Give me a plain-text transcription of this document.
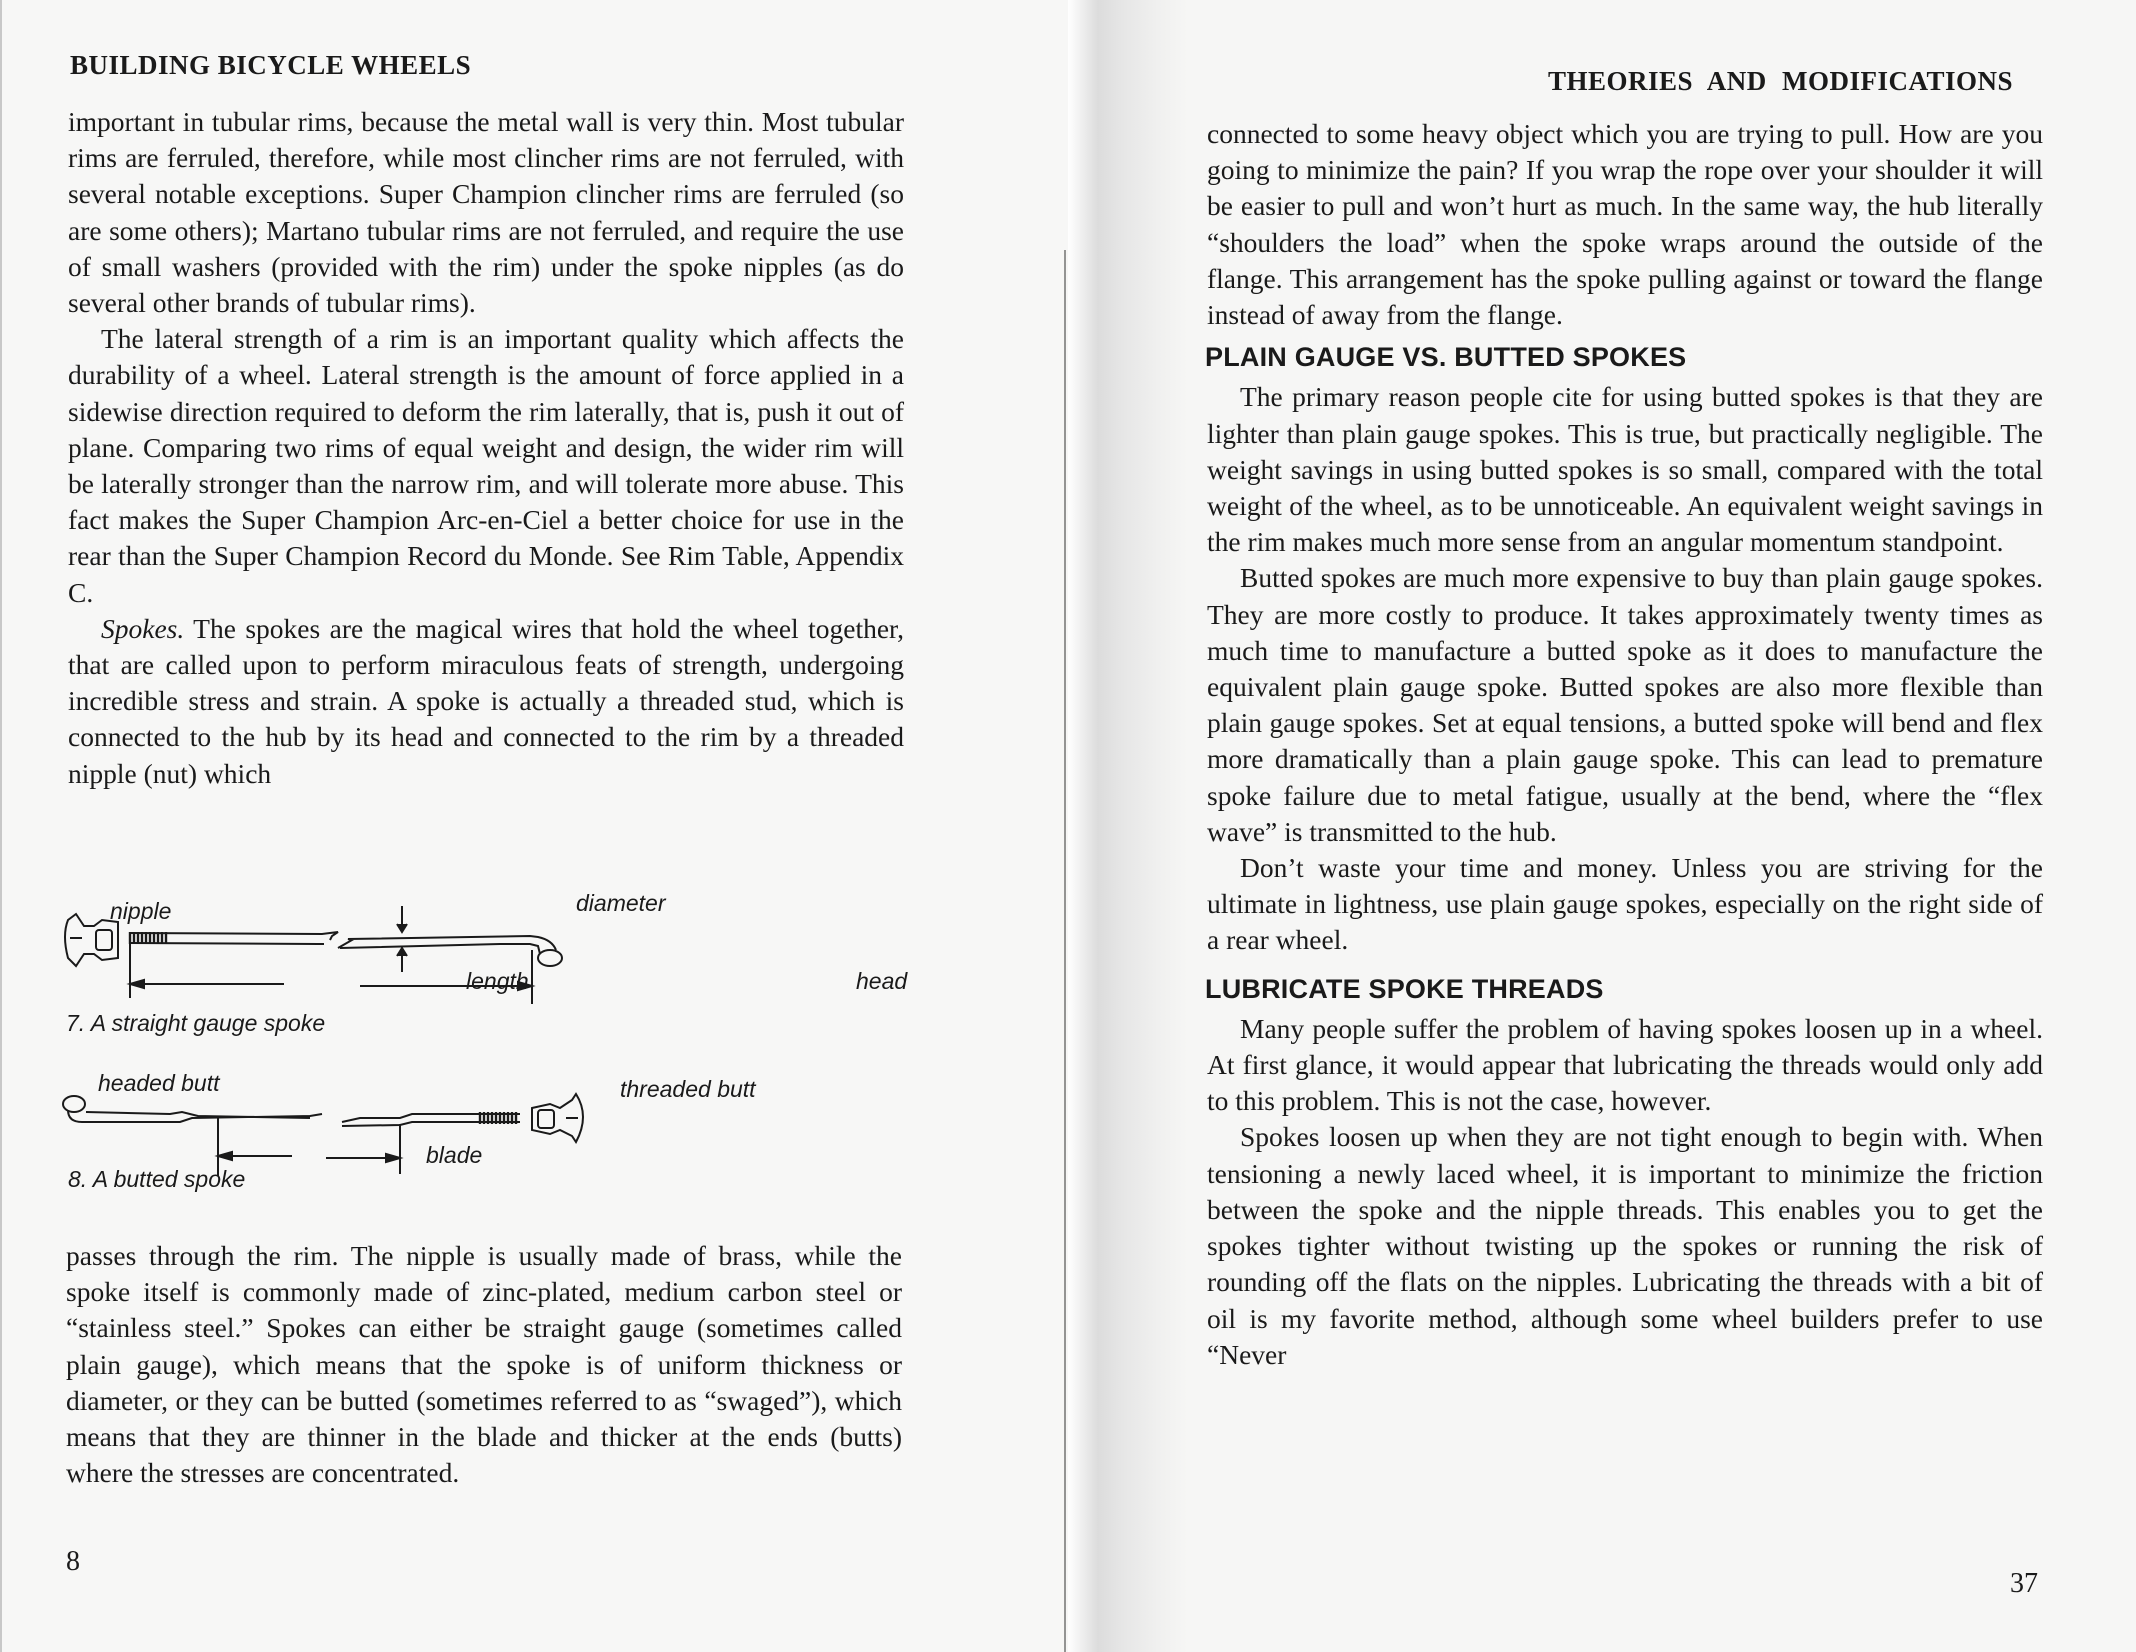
BUILDING BICYCLE WHEELS

important in tubular rims, because the metal wall is very thin. Most tubular rims are ferruled, therefore, while most clincher rims are not ferruled, with several notable exceptions. Super Champion clincher rims are ferruled (so are some others); Martano tubular rims are not ferruled, and require the use of small washers (provided with the rim) under the spoke nipples (as do several other brands of tubular rims).

The lateral strength of a rim is an important quality which affects the durability of a wheel. Lateral strength is the amount of force applied in a sidewise direction required to deform the rim laterally, that is, push it out of plane. Comparing two rims of equal weight and design, the wider rim will be laterally stronger than the narrow rim, and will tolerate more abuse. This fact makes the Super Champion Arc-en-Ciel a better choice for use in the rear than the Super Champion Record du Monde. See Rim Table, Appendix C.

Spokes. The spokes are the magical wires that hold the wheel together, that are called upon to perform miraculous feats of strength, undergoing incredible stress and strain. A spoke is actually a threaded stud, which is connected to the hub by its head and connected to the rim by a threaded nipple (nut) which

nipple	diameter
length	head
7. A straight gauge spoke
headed butt	threaded butt
blade
8. A butted spoke

passes through the rim. The nipple is usually made of brass, while the spoke itself is commonly made of zinc-plated, medium carbon steel or “stainless steel.” Spokes can either be straight gauge (sometimes called plain gauge), which means that the spoke is of uniform thickness or diameter, or they can be butted (sometimes referred to as “swaged”), which means that they are thinner in the blade and thicker at the ends (butts) where the stresses are concentrated.

8
THEORIES AND MODIFICATIONS

connected to some heavy object which you are trying to pull. How are you going to minimize the pain? If you wrap the rope over your shoulder it will be easier to pull and won’t hurt as much. In the same way, the hub literally “shoulders the load” when the spoke wraps around the outside of the flange. This arrangement has the spoke pulling against or toward the flange instead of away from the flange.

PLAIN GAUGE VS. BUTTED SPOKES

The primary reason people cite for using butted spokes is that they are lighter than plain gauge spokes. This is true, but practically negligible. The weight savings in using butted spokes is so small, compared with the total weight of the wheel, as to be unnoticeable. An equivalent weight savings in the rim makes much more sense from an angular momentum standpoint.

Butted spokes are much more expensive to buy than plain gauge spokes. They are more costly to produce. It takes approximately twenty times as much time to manufacture a butted spoke as it does to manufacture the equivalent plain gauge spoke. Butted spokes are also more flexible than plain gauge spokes. Set at equal tensions, a butted spoke will bend and flex more dramatically than a plain gauge spoke. This can lead to premature spoke failure due to metal fatigue, usually at the bend, where the “flex wave” is transmitted to the hub.

Don’t waste your time and money. Unless you are striving for the ultimate in lightness, use plain gauge spokes, especially on the right side of a rear wheel.

LUBRICATE SPOKE THREADS

Many people suffer the problem of having spokes loosen up in a wheel. At first glance, it would appear that lubricating the threads would only add to this problem. This is not the case, however.

Spokes loosen up when they are not tight enough to begin with. When tensioning a newly laced wheel, it is important to minimize the friction between the spoke and the nipple threads. This enables you to get the spokes tighter without twisting up the spokes or running the risk of rounding off the flats on the nipples. Lubricating the threads with a bit of oil is my favorite method, although some wheel builders prefer to use “Never

37
